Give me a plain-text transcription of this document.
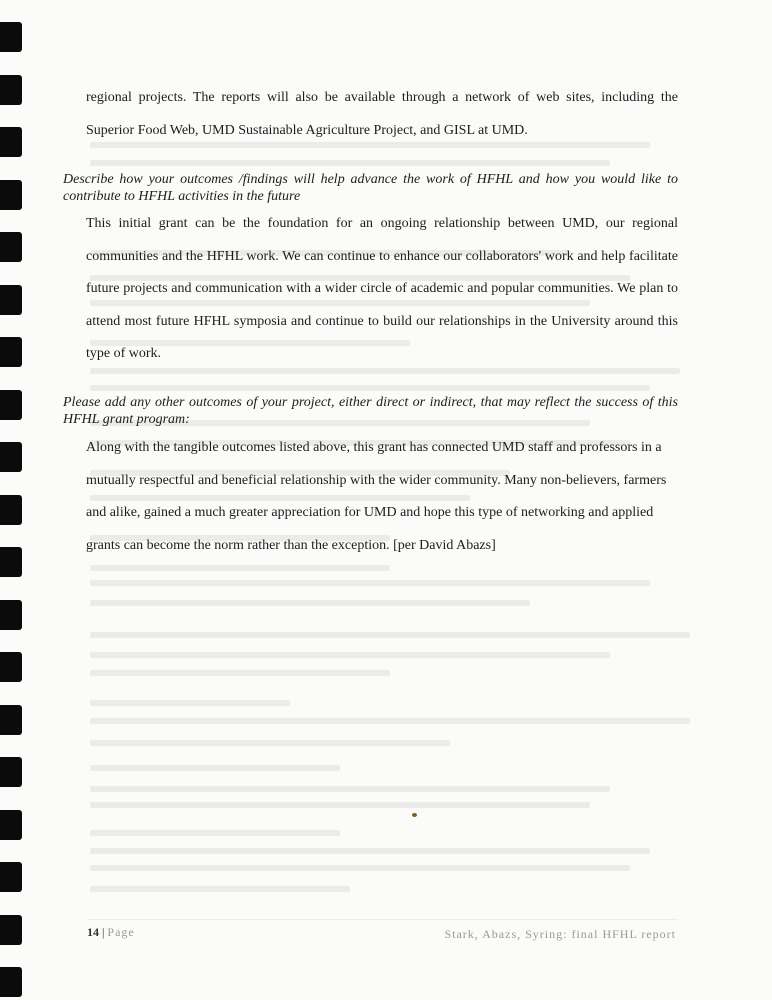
regional projects. The reports will also be available through a network of web sites, including the Superior Food Web, UMD Sustainable Agriculture Project, and GISL at UMD.

Describe how your outcomes /findings will help advance the work of HFHL and how you would like to contribute to HFHL activities in the future

This initial grant can be the foundation for an ongoing relationship between UMD, our regional communities and the HFHL work. We can continue to enhance our collaborators' work and help facilitate future projects and communication with a wider circle of academic and popular communities. We plan to attend most future HFHL symposia and continue to build our relationships in the University around this type of work.

Please add any other outcomes of your project, either direct or indirect, that may reflect the success of this HFHL grant program:

Along with the tangible outcomes listed above, this grant has connected UMD staff and professors in a
mutually respectful and beneficial relationship with the wider community. Many non-believers, farmers
and alike, gained a much greater appreciation for UMD and hope this type of networking and applied
grants can become the norm rather than the exception. [per David Abazs]
14 | Page	Stark, Abazs, Syring: final HFHL report
